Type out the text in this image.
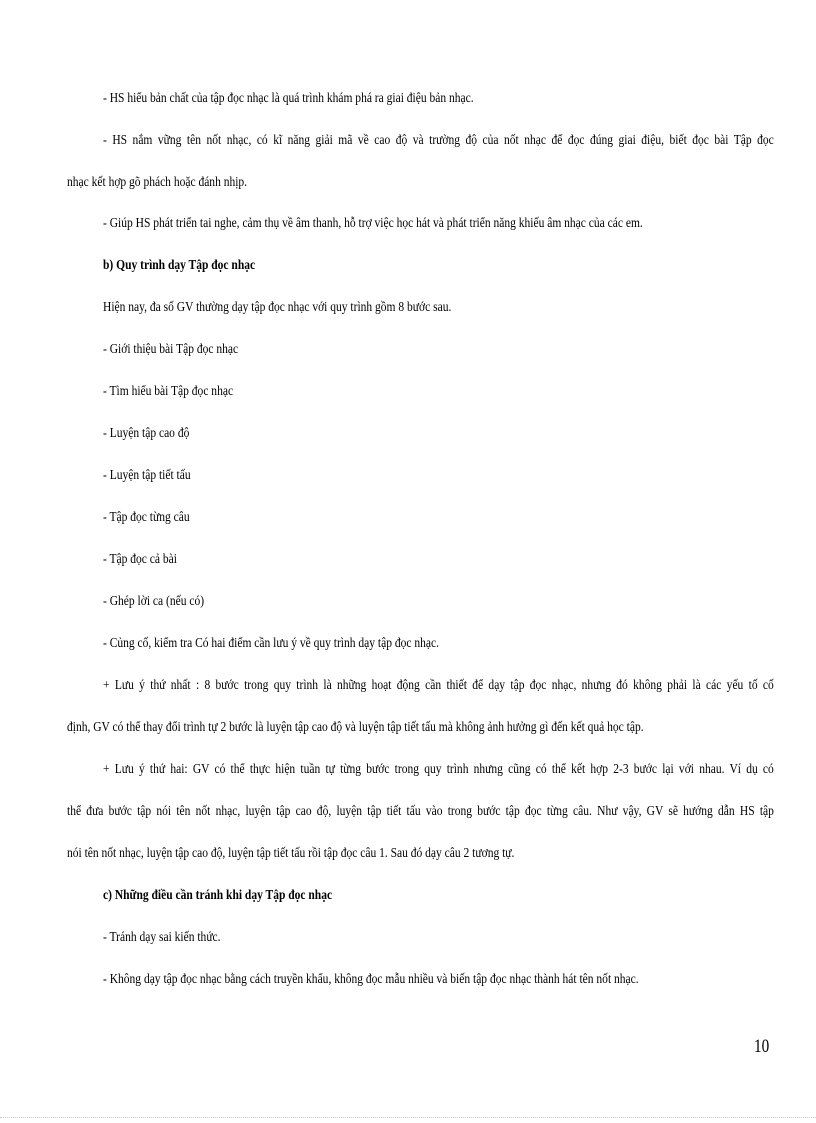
- HS hiểu bản chất của tập đọc nhạc là quá trình khám phá ra giai điệu bản nhạc.
- HS nắm vững tên nốt nhạc, có kĩ năng giải mã về cao độ và trường độ của nốt nhạc để đọc đúng giai điệu, biết đọc bài Tập đọc
nhạc kết hợp gõ phách hoặc đánh nhịp.
- Giúp HS phát triển tai nghe, cảm thụ về âm thanh, hỗ trợ việc học hát và phát triển năng khiếu âm nhạc của các em.
b) Quy trình dạy Tập đọc nhạc
Hiện nay, đa số GV thường dạy tập đọc nhạc với quy trình gồm 8 bước sau.
- Giới thiệu bài Tập đọc nhạc
- Tìm hiểu bài Tập đọc nhạc
- Luyện tập cao độ
- Luyện tập tiết tấu
- Tập đọc từng câu
- Tập đọc cả bài
- Ghép lời ca (nếu có)
- Củng cố, kiểm tra Có hai điểm cần lưu ý về quy trình dạy tập đọc nhạc.
+ Lưu ý thứ nhất : 8 bước trong quy trình là những hoạt động cần thiết để dạy tập đọc nhạc, nhưng đó không phải là các yếu tố cố
định, GV có thể thay đổi trình tự 2 bước là luyện tập cao độ và luyện tập tiết tấu mà không ảnh hưởng gì đến kết quả học tập.
+ Lưu ý thứ hai: GV có thể thực hiện tuần tự từng bước trong quy trình nhưng cũng có thể kết hợp 2-3 bước lại với nhau. Ví dụ có
thể đưa bước tập nói tên nốt nhạc, luyện tập cao độ, luyện tập tiết tấu vào trong bước tập đọc từng câu. Như vậy, GV sẽ hướng dẫn HS tập
nói tên nốt nhạc, luyện tập cao độ, luyện tập tiết tấu rồi tập đọc câu 1. Sau đó dạy câu 2 tương tự.
c) Những điều cần tránh khi dạy Tập đọc nhạc
- Tránh dạy sai kiến thức.
- Không dạy tập đọc nhạc bằng cách truyền khẩu, không đọc mẫu nhiều và biến tập đọc nhạc thành hát tên nốt nhạc.
10
